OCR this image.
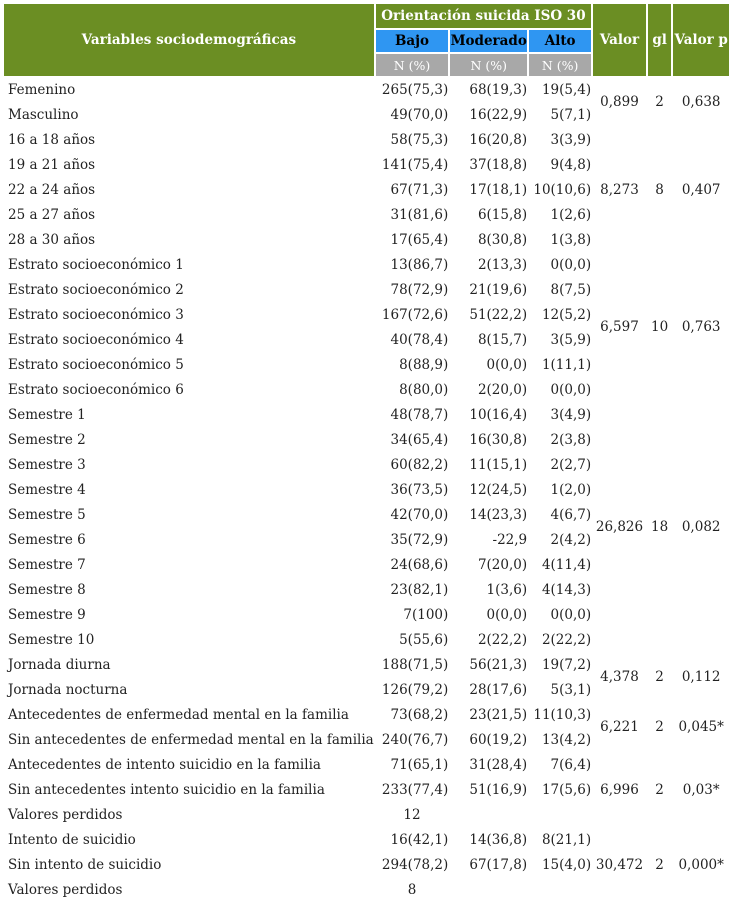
Variables sociodemográficas	Orientación suicida ISO 30			Valor	gl	Valor p
	Bajo	Moderado	Alto			
	N (%)	N (%)	N (%)			
Femenino	265(75,3)	68(19,3)	19(5,4)	0,899	2	0,638
Masculino	49(70,0)	16(22,9)	5(7,1)			
16 a 18 años	58(75,3)	16(20,8)	3(3,9)	8,273	8	0,407
19 a 21 años	141(75,4)	37(18,8)	9(4,8)			
22 a 24 años	67(71,3)	17(18,1)	10(10,6)			
25 a 27 años	31(81,6)	6(15,8)	1(2,6)			
28 a 30 años	17(65,4)	8(30,8)	1(3,8)			
Estrato socioeconómico 1	13(86,7)	2(13,3)	0(0,0)	6,597	10	0,763
Estrato socioeconómico 2	78(72,9)	21(19,6)	8(7,5)			
Estrato socioeconómico 3	167(72,6)	51(22,2)	12(5,2)			
Estrato socioeconómico 4	40(78,4)	8(15,7)	3(5,9)			
Estrato socioeconómico 5	8(88,9)	0(0,0)	1(11,1)			
Estrato socioeconómico 6	8(80,0)	2(20,0)	0(0,0)			
Semestre 1	48(78,7)	10(16,4)	3(4,9)	26,826	18	0,082
Semestre 2	34(65,4)	16(30,8)	2(3,8)			
Semestre 3	60(82,2)	11(15,1)	2(2,7)			
Semestre 4	36(73,5)	12(24,5)	1(2,0)			
Semestre 5	42(70,0)	14(23,3)	4(6,7)			
Semestre 6	35(72,9)	-22,9	2(4,2)			
Semestre 7	24(68,6)	7(20,0)	4(11,4)			
Semestre 8	23(82,1)	1(3,6)	4(14,3)			
Semestre 9	7(100)	0(0,0)	0(0,0)			
Semestre 10	5(55,6)	2(22,2)	2(22,2)			
Jornada diurna	188(71,5)	56(21,3)	19(7,2)	4,378	2	0,112
Jornada nocturna	126(79,2)	28(17,6)	5(3,1)			
Antecedentes de enfermedad mental en la familia	73(68,2)	23(21,5)	11(10,3)	6,221	2	0,045*
Sin antecedentes de enfermedad mental en la familia	240(76,7)	60(19,2)	13(4,2)			
Antecedentes de intento suicidio en la familia	71(65,1)	31(28,4)	7(6,4)	6,996	2	0,03*
Sin antecedentes intento suicidio en la familia	233(77,4)	51(16,9)	17(5,6)			
Valores perdidos	12					
Intento de suicidio	16(42,1)	14(36,8)	8(21,1)	30,472	2	0,000*
Sin intento de suicidio	294(78,2)	67(17,8)	15(4,0)			
Valores perdidos	8					
